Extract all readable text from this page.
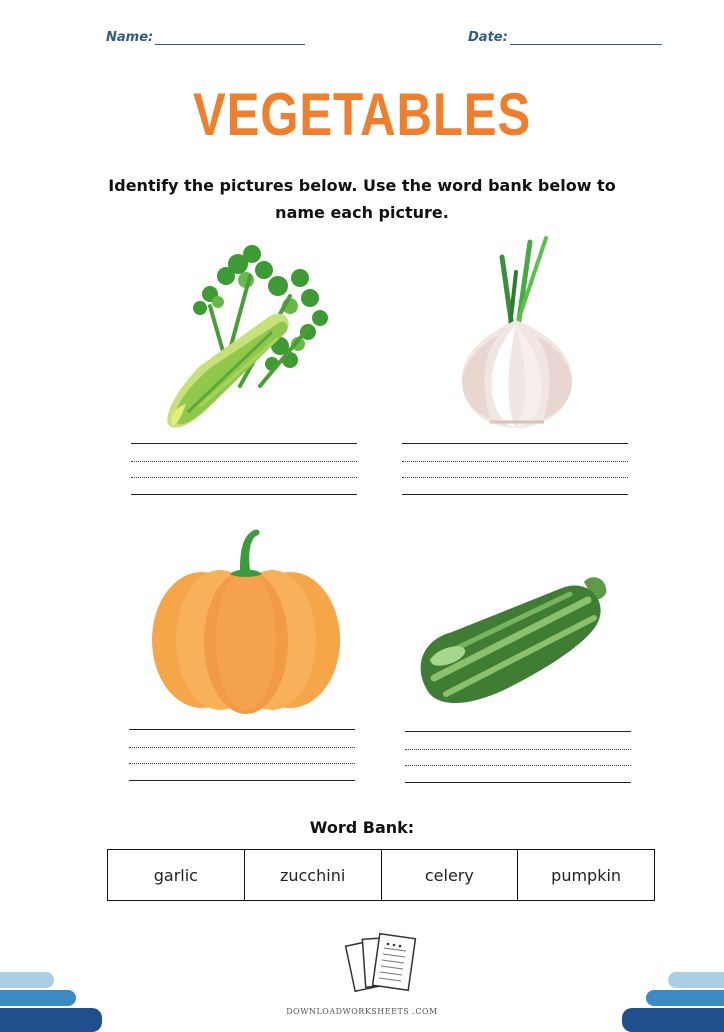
Name:	Date:
VEGETABLES
Identify the pictures below. Use the word bank below to name each picture.
Word Bank:
garlic	zucchini	celery	pumpkin
DOWNLOADWORKSHEETS .COM
